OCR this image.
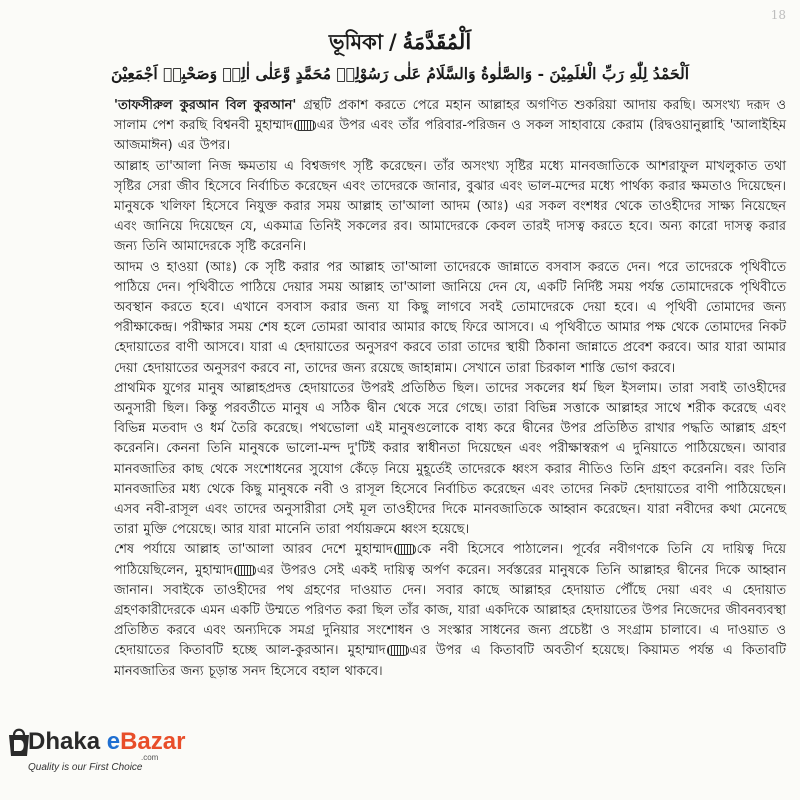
18
ভূমিকা / اَلْمُقَدَّمَةُ
اَلْحَمْدُ لِلّٰهِ رَبِّ الْعٰلَمِيْنَ - وَالصَّلٰوةُ وَالسَّلَامُ عَلٰى رَسُوْلِهٖ مُحَمَّدٍ وَّعَلٰى اٰلِهٖ وَصَحْبِهٖ اَجْمَعِيْنَ

'তাফসীরুল কুরআন বিল কুরআন' গ্রন্থটি প্রকাশ করতে পেরে মহান আল্লাহর অগণিত শুকরিয়া আদায় করছি। অসংখ্য দরূদ ও সালাম পেশ করছি বিশ্বনবী মুহাম্মাদ এর উপর এবং তাঁর পরিবার-পরিজন ও সকল সাহাবায়ে কেরাম (রিদ্বওয়ানুল্লাহি 'আলাইহিম আজমাঈন) এর উপর।

আল্লাহ তা'আলা নিজ ক্ষমতায় এ বিশ্বজগৎ সৃষ্টি করেছেন। তাঁর অসংখ্য সৃষ্টির মধ্যে মানবজাতিকে আশরাফুল মাখলুকাত তথা সৃষ্টির সেরা জীব হিসেবে নির্বাচিত করেছেন এবং তাদেরকে জানার, বুঝার এবং ভাল-মন্দের মধ্যে পার্থক্য করার ক্ষমতাও দিয়েছেন। মানুষকে খলিফা হিসেবে নিযুক্ত করার সময় আল্লাহ তা'আলা আদম (আঃ) এর সকল বংশধর থেকে তাওহীদের সাক্ষ্য নিয়েছেন এবং জানিয়ে দিয়েছেন যে, একমাত্র তিনিই সকলের রব। আমাদেরকে কেবল তারই দাসত্ব করতে হবে। অন্য কারো দাসত্ব করার জন্য তিনি আমাদেরকে সৃষ্টি করেননি।

আদম ও হাওয়া (আঃ) কে সৃষ্টি করার পর আল্লাহ তা'আলা তাদেরকে জান্নাতে বসবাস করতে দেন। পরে তাদেরকে পৃথিবীতে পাঠিয়ে দেন। পৃথিবীতে পাঠিয়ে দেয়ার সময় আল্লাহ তা'আলা জানিয়ে দেন যে, একটি নির্দিষ্ট সময় পর্যন্ত তোমাদেরকে পৃথিবীতে অবস্থান করতে হবে। এখানে বসবাস করার জন্য যা কিছু লাগবে সবই তোমাদেরকে দেয়া হবে। এ পৃথিবী তোমাদের জন্য পরীক্ষাকেন্দ্র। পরীক্ষার সময় শেষ হলে তোমরা আবার আমার কাছে ফিরে আসবে। এ পৃথিবীতে আমার পক্ষ থেকে তোমাদের নিকট হেদায়াতের বাণী আসবে। যারা এ হেদায়াতের অনুসরণ করবে তারা তাদের স্থায়ী ঠিকানা জান্নাতে প্রবেশ করবে। আর যারা আমার দেয়া হেদায়াতের অনুসরণ করবে না, তাদের জন্য রয়েছে জাহান্নাম। সেখানে তারা চিরকাল শাস্তি ভোগ করবে।

প্রাথমিক যুগের মানুষ আল্লাহপ্রদত্ত হেদায়াতের উপরই প্রতিষ্ঠিত ছিল। তাদের সকলের ধর্ম ছিল ইসলাম। তারা সবাই তাওহীদের অনুসারী ছিল। কিন্তু পরবর্তীতে মানুষ এ সঠিক দ্বীন থেকে সরে গেছে। তারা বিভিন্ন সত্তাকে আল্লাহর সাথে শরীক করেছে এবং বিভিন্ন মতবাদ ও ধর্ম তৈরি করেছে। পথভোলা এই মানুষগুলোকে বাধ্য করে দ্বীনের উপর প্রতিষ্ঠিত রাখার পদ্ধতি আল্লাহ গ্রহণ করেননি। কেননা তিনি মানুষকে ভালো-মন্দ দু'টিই করার স্বাধীনতা দিয়েছেন এবং পরীক্ষাস্বরূপ এ দুনিয়াতে পাঠিয়েছেন। আবার মানবজাতির কাছ থেকে সংশোধনের সুযোগ কেঁড়ে নিয়ে মুহূর্তেই তাদেরকে ধ্বংস করার নীতিও তিনি গ্রহণ করেননি। বরং তিনি মানবজাতির মধ্য থেকে কিছু মানুষকে নবী ও রাসূল হিসেবে নির্বাচিত করেছেন এবং তাদের নিকট হেদায়াতের বাণী পাঠিয়েছেন। এসব নবী-রাসূল এবং তাদের অনুসারীরা সেই মূল তাওহীদের দিকে মানবজাতিকে আহ্বান করেছেন। যারা নবীদের কথা মেনেছে তারা মুক্তি পেয়েছে। আর যারা মানেনি তারা পর্যায়ক্রমে ধ্বংস হয়েছে।

শেষ পর্যায়ে আল্লাহ তা'আলা আরব দেশে মুহাম্মাদ কে নবী হিসেবে পাঠালেন। পূর্বের নবীগণকে তিনি যে দায়িত্ব দিয়ে পাঠিয়েছিলেন, মুহাম্মাদ এর উপরও সেই একই দায়িত্ব অর্পণ করেন। সর্বস্তরের মানুষকে তিনি আল্লাহর দ্বীনের দিকে আহ্বান জানান। সবাইকে তাওহীদের পথ গ্রহণের দাওয়াত দেন। সবার কাছে আল্লাহর হেদায়াত পৌঁছে দেয়া এবং এ হেদায়াত গ্রহণকারীদেরকে এমন একটি উম্মতে পরিণত করা ছিল তাঁর কাজ, যারা একদিকে আল্লাহর হেদায়াতের উপর নিজেদের জীবনব্যবস্থা প্রতিষ্ঠিত করবে এবং অন্যদিকে সমগ্র দুনিয়ার সংশোধন ও সংস্কার সাধনের জন্য প্রচেষ্টা ও সংগ্রাম চালাবে। এ দাওয়াত ও হেদায়াতের কিতাবটি হচ্ছে আল-কুরআন। মুহাম্মাদ এর উপর এ কিতাবটি অবতীর্ণ হয়েছে। কিয়ামত পর্যন্ত এ কিতাবটি মানবজাতির জন্য চূড়ান্ত সনদ হিসেবে বহাল থাকবে।

Dhaka eBazar
.com
Quality is our First Choice
